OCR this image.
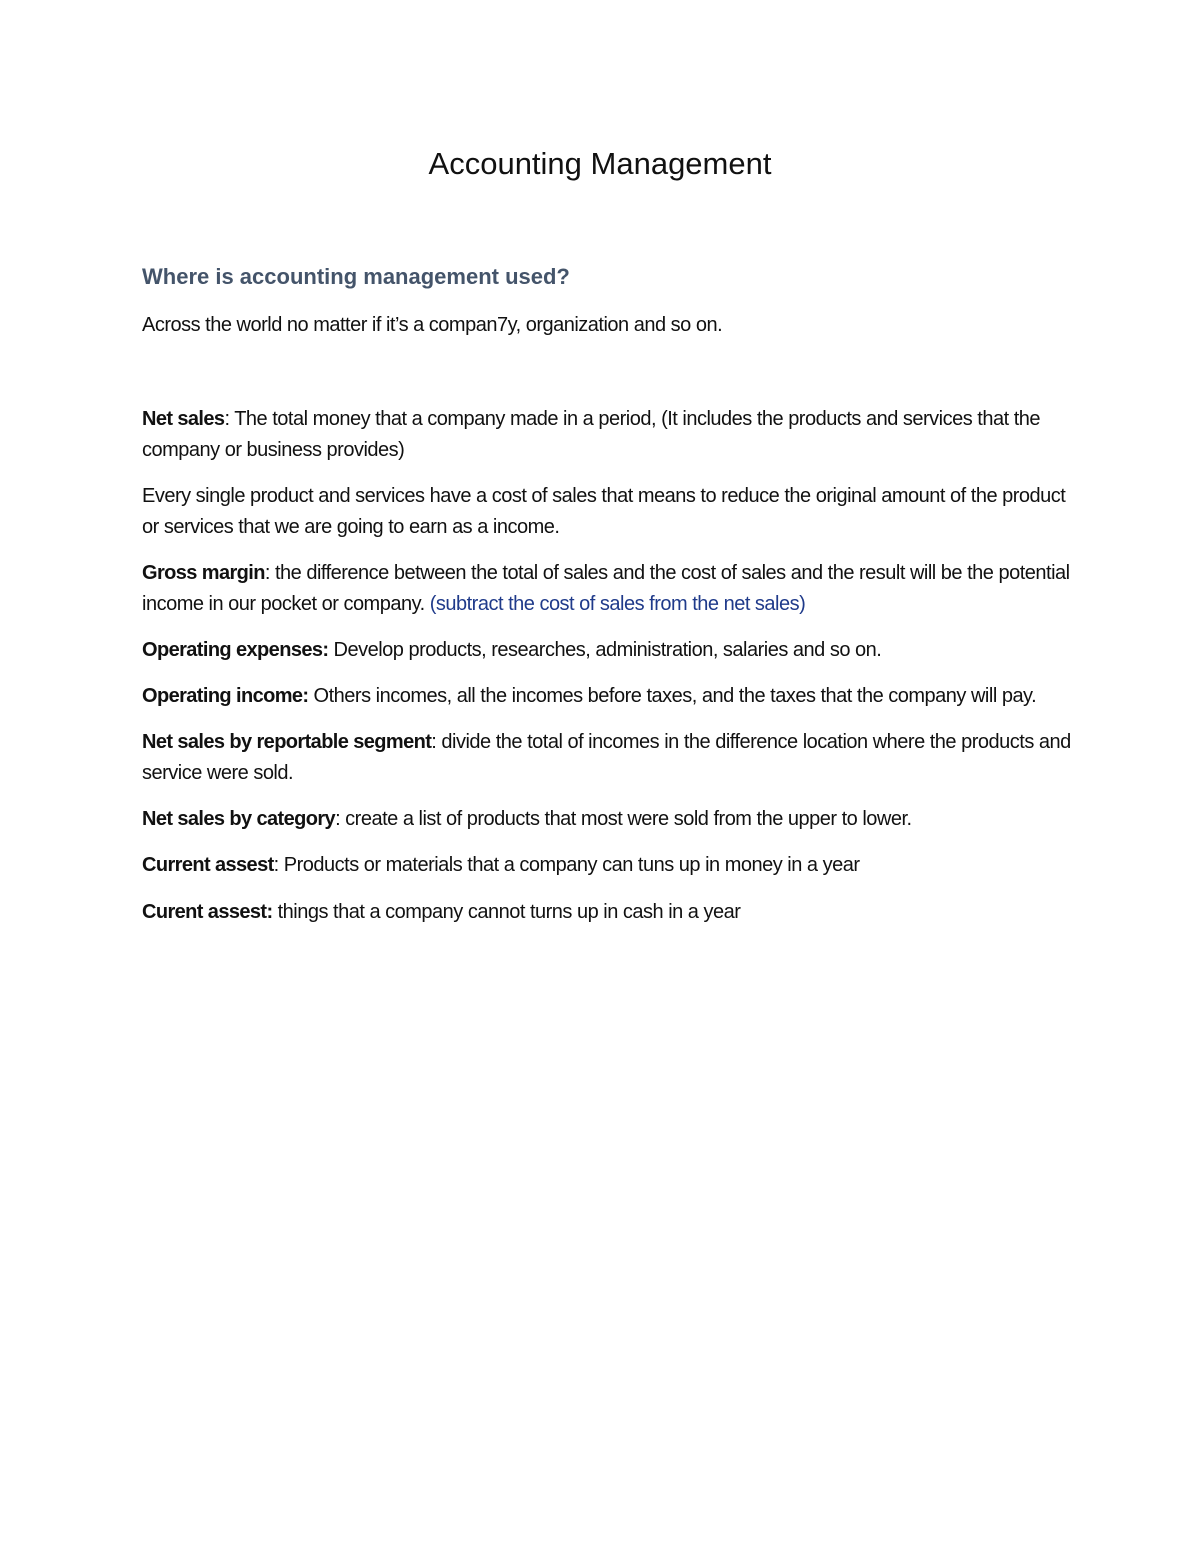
Accounting Management
Where is accounting management used?

Across the world no matter if it’s a compan7y, organization and so on.

Net sales: The total money that a company made in a period, (It includes the products and services that the company or business provides)

Every single product and services have a cost of sales that means to reduce the original amount of the product or services that we are going to earn as a income.

Gross margin: the difference between the total of sales and the cost of sales and the result will be the potential income in our pocket or company. (subtract the cost of sales from the net sales)

Operating expenses: Develop products, researches, administration, salaries and so on.

Operating income: Others incomes, all the incomes before taxes, and the taxes that the company will pay.

Net sales by reportable segment: divide the total of incomes in the difference location where the products and service were sold.

Net sales by category: create a list of products that most were sold from the upper to lower.

Current assest: Products or materials that a company can tuns up in money in a year

Curent assest: things that a company cannot turns up in cash in a year
